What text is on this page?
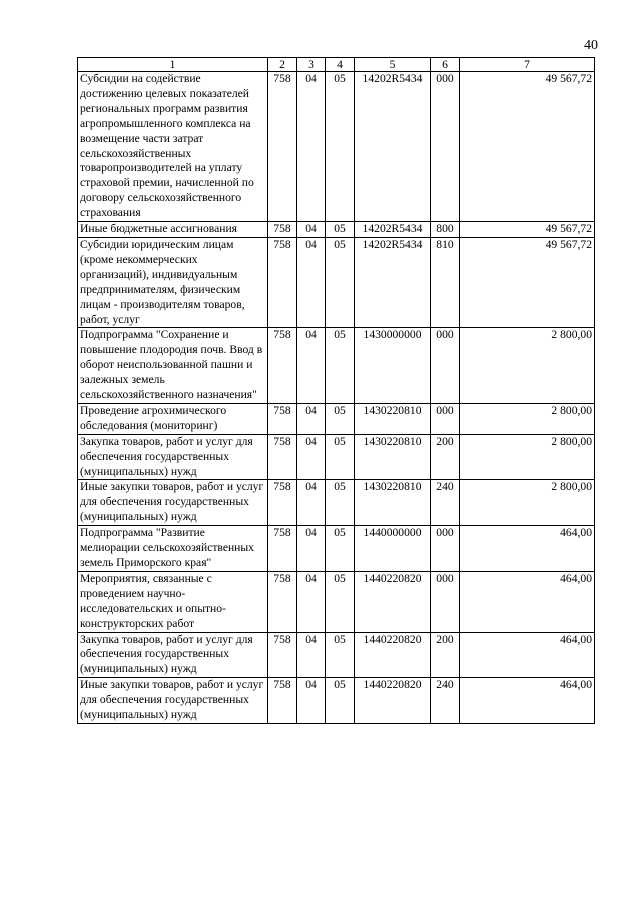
40
1	2	3	4	5	6	7
Субсидии на содействие достижению целевых показателей региональных программ развития агропромышленного комплекса на возмещение части затрат сельскохозяйственных товаропроизводителей на уплату страховой премии, начисленной по договору сельскохозяйственного страхования	758	04	05	14202R5434	000	49 567,72
Иные бюджетные ассигнования	758	04	05	14202R5434	800	49 567,72
Субсидии юридическим лицам (кроме некоммерческих организаций), индивидуальным предпринимателям, физическим лицам - производителям товаров, работ, услуг	758	04	05	14202R5434	810	49 567,72
Подпрограмма "Сохранение и повышение плодородия почв. Ввод в оборот неиспользованной пашни и залежных земель сельскохозяйственного назначения"	758	04	05	1430000000	000	2 800,00
Проведение агрохимического обследования (мониторинг)	758	04	05	1430220810	000	2 800,00
Закупка товаров, работ и услуг для обеспечения государственных (муниципальных) нужд	758	04	05	1430220810	200	2 800,00
Иные закупки товаров, работ и услуг для обеспечения государственных (муниципальных) нужд	758	04	05	1430220810	240	2 800,00
Подпрограмма "Развитие мелиорации сельскохозяйственных земель Приморского края"	758	04	05	1440000000	000	464,00
Мероприятия, связанные с проведением научно-исследовательских и опытно-конструкторских работ	758	04	05	1440220820	000	464,00
Закупка товаров, работ и услуг для обеспечения государственных (муниципальных) нужд	758	04	05	1440220820	200	464,00
Иные закупки товаров, работ и услуг для обеспечения государственных (муниципальных) нужд	758	04	05	1440220820	240	464,00
